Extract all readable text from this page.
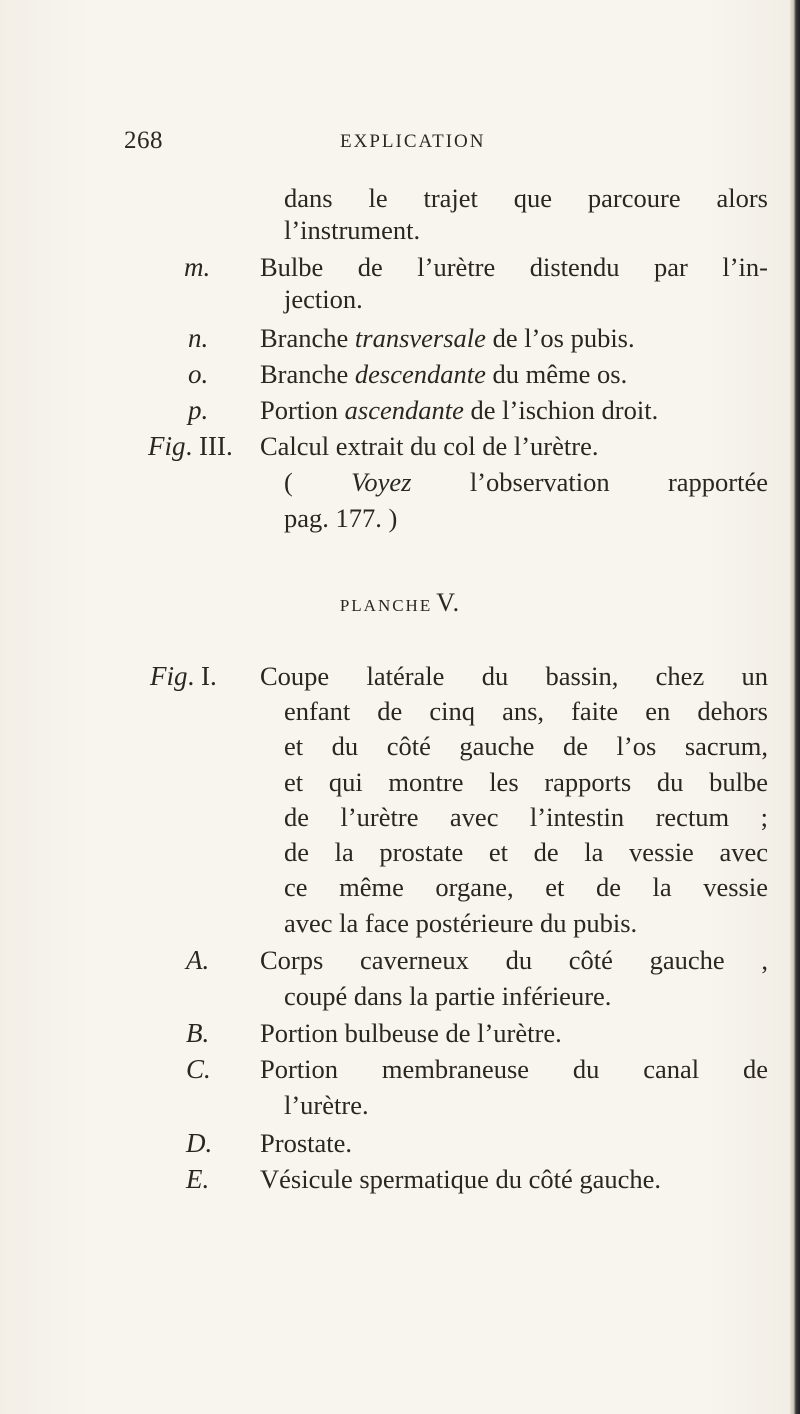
268	EXPLICATION
dans le trajet que parcoure alors
l’instrument.
m. Bulbe de l’urètre distendu par l’in-
jection.
n. Branche transversale de l’os pubis.
o. Branche descendante du même os.
p. Portion ascendante de l’ischion droit.
Fig. III. Calcul extrait du col de l’urètre.
( Voyez l’observation rapportée
pag. 177. )
PLANCHE V.
Fig. I. Coupe latérale du bassin, chez un
enfant de cinq ans, faite en dehors
et du côté gauche de l’os sacrum,
et qui montre les rapports du bulbe
de l’urètre avec l’intestin rectum ;
de la prostate et de la vessie avec
ce même organe, et de la vessie
avec la face postérieure du pubis.
A. Corps caverneux du côté gauche ,
coupé dans la partie inférieure.
B. Portion bulbeuse de l’urètre.
C. Portion membraneuse du canal de
l’urètre.
D. Prostate.
E. Vésicule spermatique du côté gauche.
